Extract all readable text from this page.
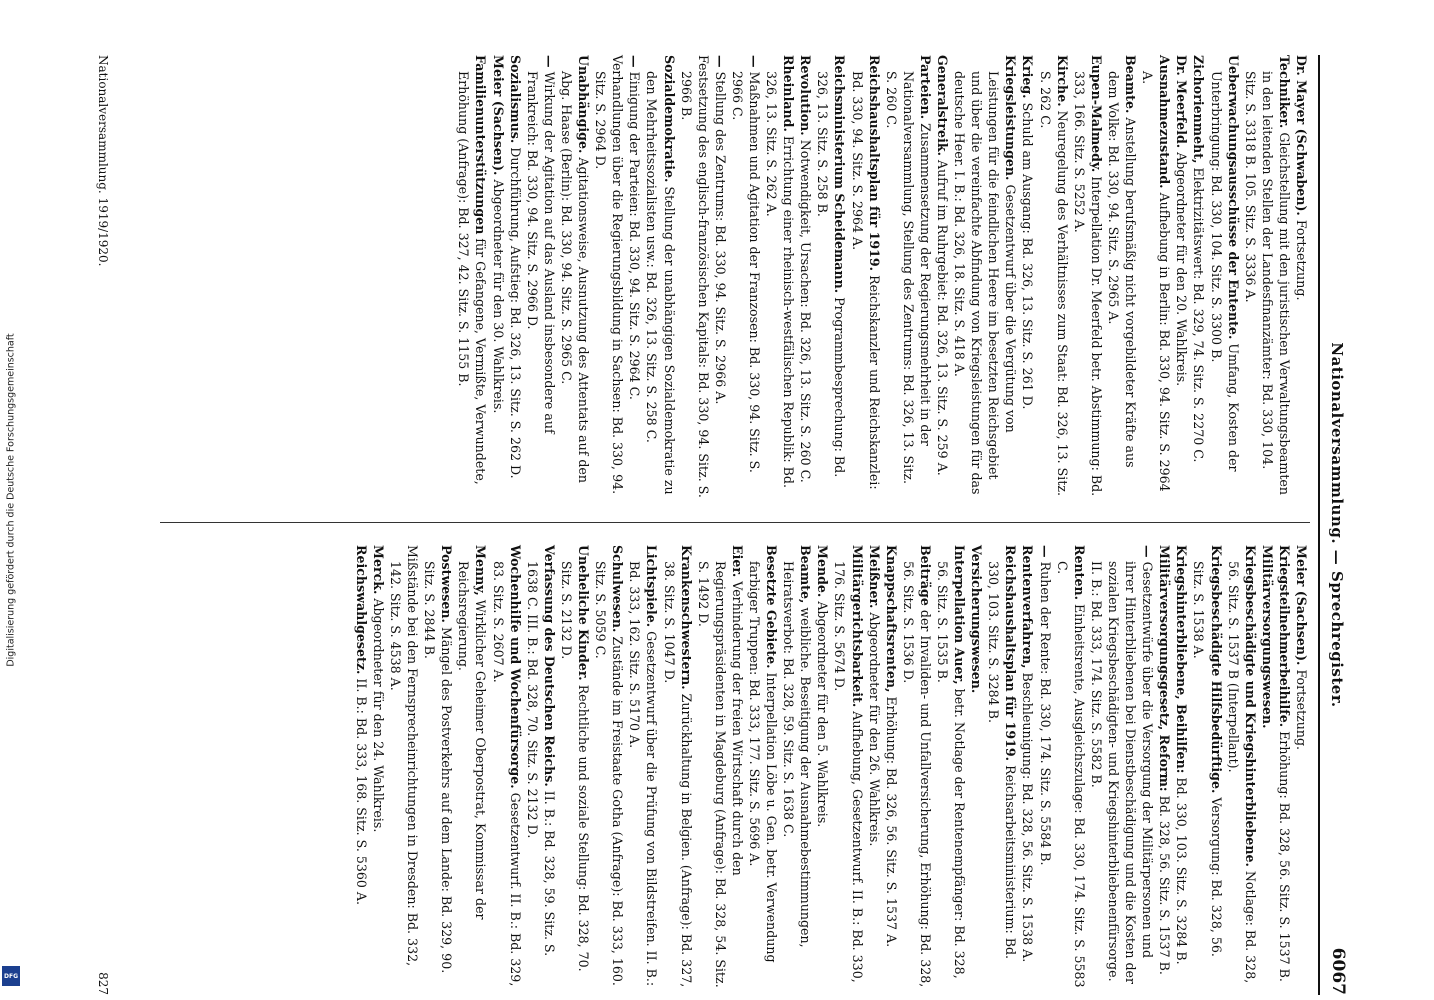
Digitalisierung gefördert durch die Deutsche Forschungsgemeinschaft
DFG
Nationalversammlung. — Sprechregister.
6067

Dr. Mayer (Schwaben). Fortsetzung.

Techniker. Gleichstellung mit den juristischen Verwaltungsbeamten in den leitenden Stellen der Landesfinanzämter: Bd. 330, 104. Sitz. S. 3318 B. 105. Sitz. S. 3336 A.

Ueberwachungsausschüsse der Entente. Umfang, Kosten der Unterbringung: Bd. 330, 104. Sitz. S. 3300 B.

Zichorienmeht, Elektrizitätswert: Bd. 329, 74. Sitz. S. 2270 C.

Dr. Meerfeld. Abgeordneter für den 20. Wahlkreis.

Ausnahmezustand. Aufhebung in Berlin: Bd. 330, 94. Sitz. S. 2964 A.

Beamte. Anstellung berufsmäßig nicht vorgebildeter Kräfte aus dem Volke: Bd. 330, 94. Sitz. S. 2965 A.

Eupen-Malmedy. Interpellation Dr. Meerfeld betr. Abstimmung: Bd. 333, 166. Sitz. S. 5252 A.

Kirche. Neuregelung des Verhältnisses zum Staat: Bd. 326, 13. Sitz. S. 262 C.

Krieg. Schuld am Ausgang: Bd. 326, 13. Sitz. S. 261 D.

Kriegsleistungen. Gesetzentwurf über die Vergütung von Leistungen für die feindlichen Heere im besetzten Reichsgebiet und über die vereinfachte Abfindung von Kriegsleistungen für das deutsche Heer. I. B.: Bd. 326, 18. Sitz. S. 418 A.

Generalstreik. Aufruf im Ruhrgebiet: Bd. 326, 13. Sitz. S. 259 A.

Parteien. Zusammensetzung der Regierungsmehrheit in der Nationalversammlung, Stellung des Zentrums: Bd. 326, 13. Sitz. S. 260 C.

Reichshaushaltsplan für 1919. Reichskanzler und Reichskanzlei: Bd. 330, 94. Sitz. S. 2964 A.

Reichsministerium Scheidemann. Programmbesprechung: Bd. 326, 13. Sitz. S. 258 B.

Revolution. Notwendigkeit, Ursachen: Bd. 326, 13. Sitz. S. 260 C.

Rheinland. Errichtung einer rheinisch-westfälischen Republik: Bd. 326, 13. Sitz. S. 262 A.

— Maßnahmen und Agitation der Franzosen: Bd. 330, 94. Sitz. S. 2966 C.

— Stellung des Zentrums: Bd. 330, 94. Sitz. S. 2966 A.

Festsetzung des englisch-französischen Kapitals: Bd. 330, 94. Sitz. S. 2966 B.

Sozialdemokratie. Stellung der unabhängigen Sozialdemokratie zu den Mehrheitssozialisten usw.: Bd. 326, 13. Sitz. S. 258 C.

— Einigung der Parteien: Bd. 330, 94. Sitz. S. 2964 C.

Verhandlungen über die Regierungsbildung in Sachsen: Bd. 330, 94. Sitz. S. 2964 D.

Unabhängige. Agitationsweise, Ausnutzung des Attentats auf den Abg. Haase (Berlin): Bd. 330, 94. Sitz. S. 2965 C.

— Wirkung der Agitation auf das Ausland insbesondere auf Frankreich: Bd. 330, 94. Sitz. S. 2966 D.

Sozialismus. Durchführung, Aufstieg: Bd. 326, 13. Sitz. S. 262 D.

Meier (Sachsen). Abgeordneter für den 30. Wahlkreis.

Familienunterstützungen für Gefangene, Vermißte, Verwundete, Erhöhung (Anfrage): Bd. 327, 42. Sitz. S. 1155 B.

Meier (Sachsen). Fortsetzung.

Kriegsteilnehmerbeihilfe. Erhöhung: Bd. 328, 56. Sitz. S. 1537 B.

Militärversorgungswesen.

Kriegsbeschädigte und Kriegshinterbliebene. Notlage: Bd. 328, 56. Sitz. S. 1537 B (Interpellant).

Kriegsbeschädigte Hilfsbedürftige. Versorgung: Bd. 328, 56. Sitz. S. 1538 A.

Kriegshinterbliebene, Beihilfen: Bd. 330, 103. Sitz. S. 3284 B.

Militärversorgungsgesetz, Reform: Bd. 328, 56. Sitz. S. 1537 B.

— Gesetzentwürfe über die Versorgung der Militärpersonen und ihrer Hinterbliebenen bei Dienstbeschädigung und die Kosten der sozialen Kriegsbeschädigten- und Kriegshinterbliebenenfürsorge. II. B.: Bd. 333, 174. Sitz. S. 5582 B.

Renten. Einheitsrente, Ausgleichszulage: Bd. 330, 174. Sitz. S. 5583 C.

— Ruhen der Rente: Bd. 330, 174. Sitz. S. 5584 B.

Rentenverfahren, Beschleunigung: Bd. 328, 56. Sitz. S. 1538 A.

Reichshaushaltsplan für 1919. Reichsarbeitsministerium: Bd. 330, 103. Sitz. S. 3284 B.

Versicherungswesen.

Interpellation Auer, betr. Notlage der Rentenempfänger: Bd. 328, 56. Sitz. S. 1535 B.

Beiträge der Invaliden- und Unfallversicherung, Erhöhung: Bd. 328, 56. Sitz. S. 1536 D.

Knappschaftsrenten, Erhöhung: Bd. 326, 56. Sitz. S. 1537 A.

Meißner. Abgeordneter für den 26. Wahlkreis.

Militärgerichtsbarkeit. Aufhebung, Gesetzentwurf. II. B.: Bd. 330, 176. Sitz. S. 5674 D.

Mende. Abgeordneter für den 5. Wahlkreis.

Beamte, weibliche. Beseitigung der Ausnahmebestimmungen, Heiratsverbot: Bd. 328, 59. Sitz. S. 1638 C.

Besetzte Gebiete. Interpellation Löbe u. Gen. betr. Verwendung farbiger Truppen: Bd. 333, 177. Sitz. S. 5696 A.

Eier. Verhinderung der freien Wirtschaft durch den Regierungspräsidenten in Magdeburg (Anfrage): Bd. 328, 54. Sitz. S. 1492 D.

Krankenschwestern. Zurückhaltung in Belgien. (Anfrage): Bd. 327, 38. Sitz. S. 1047 D.

Lichtspiele. Gesetzentwurf über die Prüfung von Bildstreifen. II. B.: Bd. 333, 162. Sitz. S. 5170 A.

Schulwesen. Zustände im Freistaate Gotha (Anfrage): Bd. 333, 160. Sitz. S. 5059 C.

Uneheliche Kinder. Rechtliche und soziale Stellung: Bd. 328, 70. Sitz. S. 2132 D.

Verfassung des Deutschen Reichs. II. B.: Bd. 328, 59. Sitz. S. 1638 C. III. B.: Bd. 328, 70. Sitz. S. 2132 D.

Wochenhilfe und Wochenfürsorge. Gesetzentwurf. II. B.: Bd. 329, 83. Sitz. S. 2607 A.

Menny, Wirklicher Geheimer Oberpostrat, Kommissar der Reichsregierung.

Postwesen. Mängel des Postverkehrs auf dem Lande: Bd. 329, 90. Sitz. S. 2844 B.

Mißstände bei den Fernsprecheinrichtungen in Dresden: Bd. 332, 142. Sitz. S. 4538 A.

Merck. Abgeordneter für den 24. Wahlkreis.

Reichswahlgesetz. II. B.: Bd. 333, 168. Sitz. S. 5360 A.

Nationalversammlung. 1919/1920.
827
